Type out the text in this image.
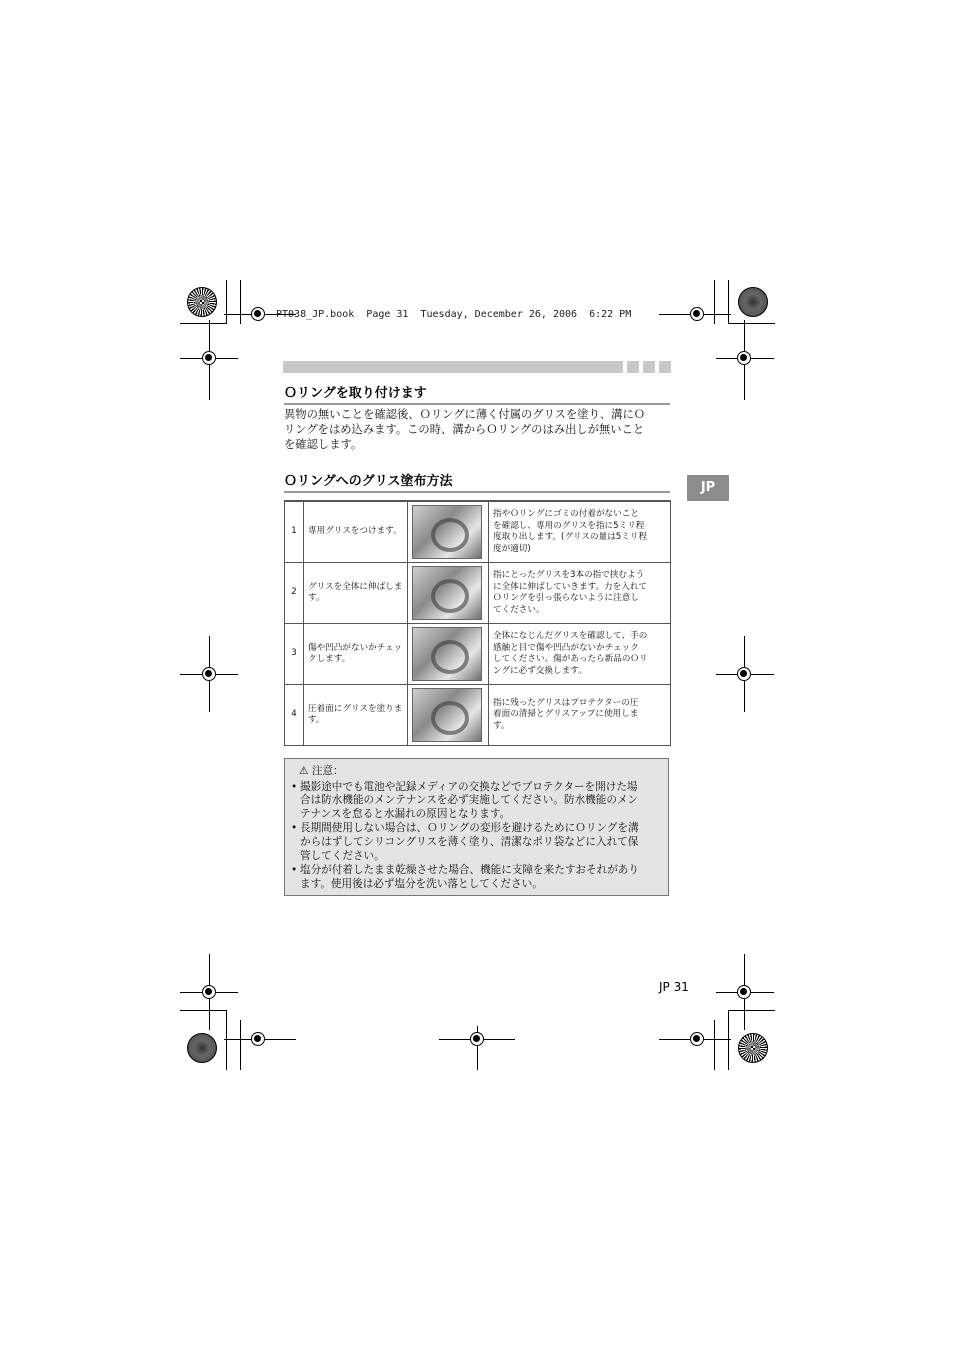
PT038_JP.book  Page 31  Tuesday, December 26, 2006  6:22 PM
Ｏリングを取り付けます
異物の無いことを確認後、Ｏリングに薄く付属のグリスを塗り、溝にＯ
リングをはめ込みます。この時、溝からＯリングのはみ出しが無いこと
を確認します。
JP
Ｏリングへのグリス塗布方法
1	専用グリスをつけます。		指やＯリングにゴミの付着がないこと
を確認し、専用のグリスを指に5ミリ程
度取り出します。(グリスの量は5ミリ程
度が適切)

2	グリスを全体に伸ばします。		指にとったグリスを3本の指で挟むよう
に全体に伸ばしていきます。力を入れて
Ｏリングを引っ張らないように注意し
てください。

3	傷や凹凸がないかチェックします。		全体になじんだグリスを確認して、手の
感触と目で傷や凹凸がないかチェック
してください。傷があったら新品のＯリ
ングに必ず交換します。

4	圧着面にグリスを塗ります。		指に残ったグリスはプロテクターの圧
着面の清掃とグリスアップに使用しま
す。
⚠ 注意：
• 撮影途中でも電池や記録メディアの交換などでプロテクターを開けた場
合は防水機能のメンテナンスを必ず実施してください。防水機能のメン
テナンスを怠ると水漏れの原因となります。
• 長期間使用しない場合は、Ｏリングの変形を避けるためにＯリングを溝
からはずしてシリコングリスを薄く塗り、清潔なポリ袋などに入れて保
管してください。
• 塩分が付着したまま乾燥させた場合、機能に支障を来たすおそれがあり
ます。使用後は必ず塩分を洗い落としてください。
JP 31
